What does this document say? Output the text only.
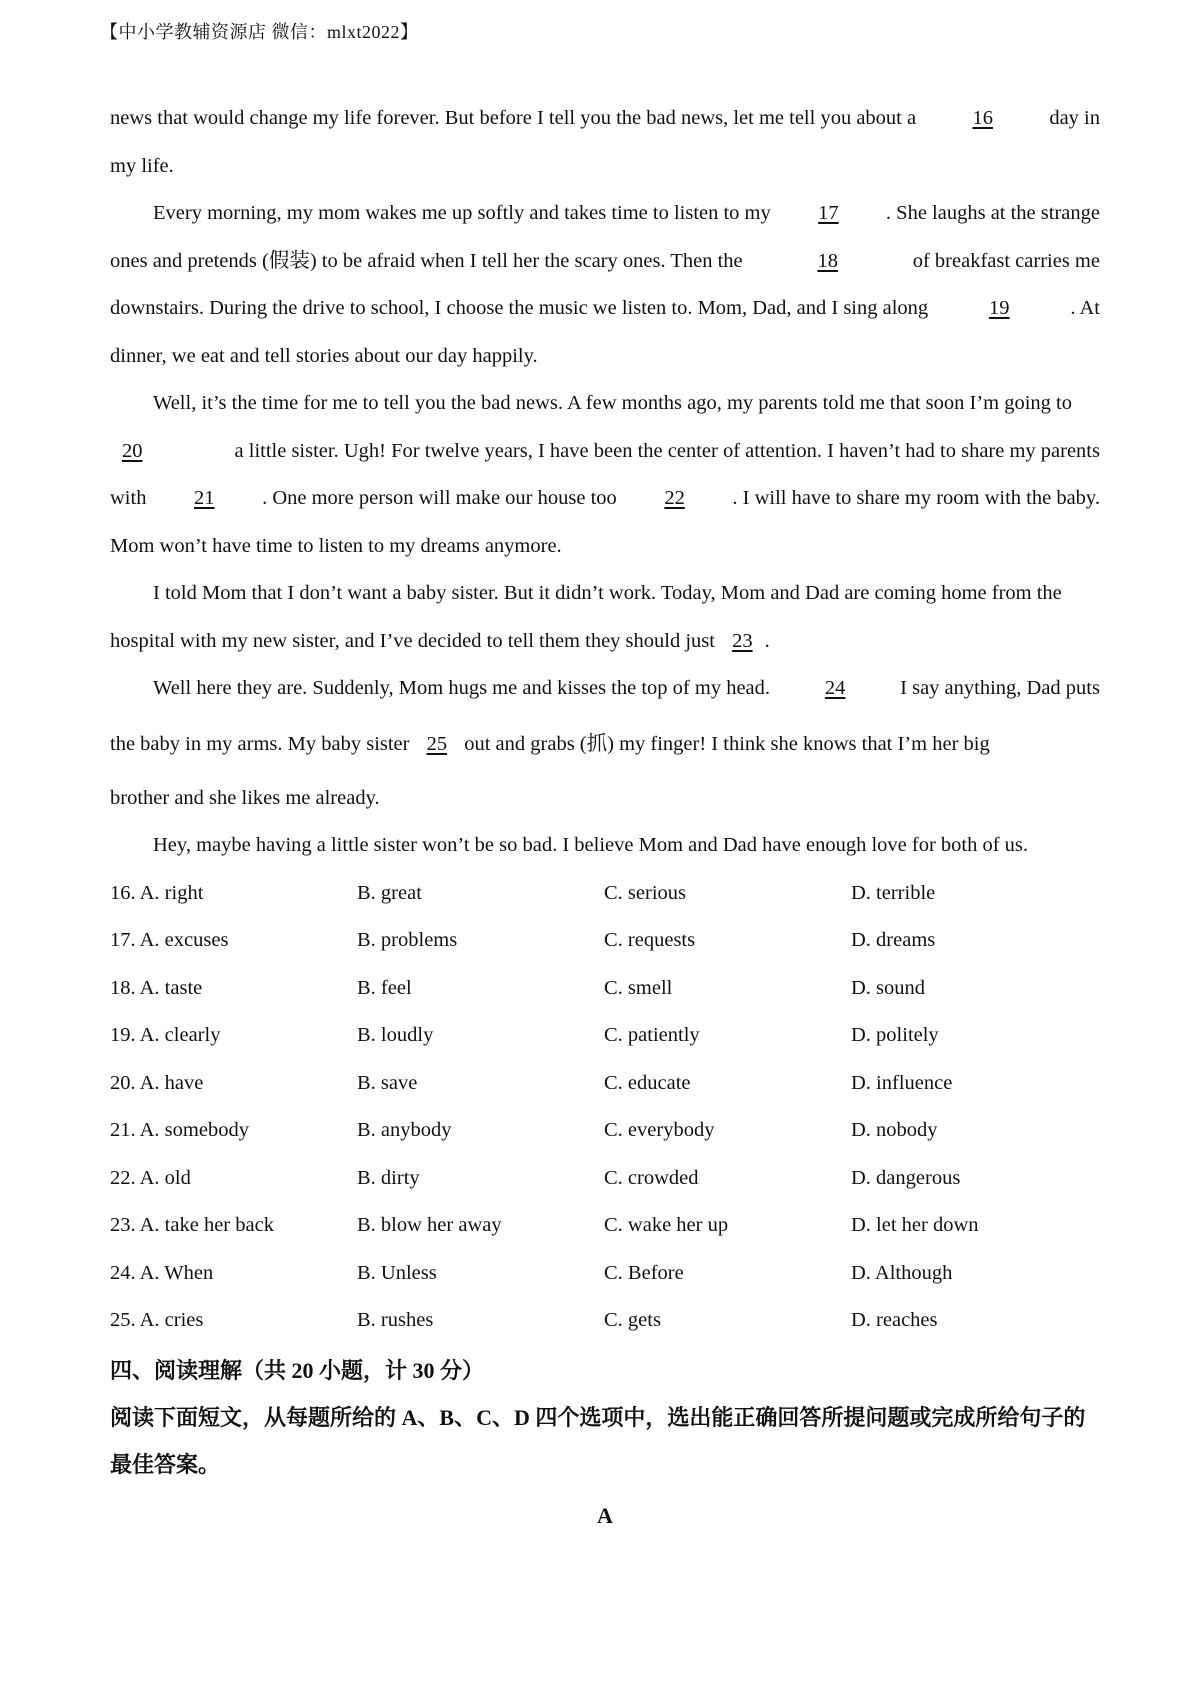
【中小学教辅资源店 微信：mlxt2022】
news that would change my life forever. But before I tell you the bad news, let me tell you about a	16	day in
my life.
Every morning, my mom wakes me up softly and takes time to listen to my	17	. She laughs at the strange
ones and pretends (假装) to be afraid when I tell her the scary ones. Then the	18	of breakfast carries me
downstairs. During the drive to school, I choose the music we listen to. Mom, Dad, and I sing along	19	. At
dinner, we eat and tell stories about our day happily.
Well, it’s the time for me to tell you the bad news. A few months ago, my parents told me that soon I’m going to
20	a little sister. Ugh! For twelve years, I have been the center of attention. I haven’t had to share my parents
with	21	. One more person will make our house too	22	. I will have to share my room with the baby.
Mom won’t have time to listen to my dreams anymore.
I told Mom that I don’t want a baby sister. But it didn’t work. Today, Mom and Dad are coming home from the
hospital with my new sister, and I’ve decided to tell them they should just 23 .
Well here they are. Suddenly, Mom hugs me and kisses the top of my head.	24	I say anything, Dad puts
the baby in my arms. My baby sister 25 out and grabs (抓) my finger! I think she knows that I’m her big
brother and she likes me already.
Hey, maybe having a little sister won’t be so bad. I believe Mom and Dad have enough love for both of us.
16. A. right	B. great	C. serious	D. terrible
17. A. excuses	B. problems	C. requests	D. dreams
18. A. taste	B. feel	C. smell	D. sound
19. A. clearly	B. loudly	C. patiently	D. politely
20. A. have	B. save	C. educate	D. influence
21. A. somebody	B. anybody	C. everybody	D. nobody
22. A. old	B. dirty	C. crowded	D. dangerous
23. A. take her back	B. blow her away	C. wake her up	D. let her down
24. A. When	B. Unless	C. Before	D. Although
25. A. cries	B. rushes	C. gets	D. reaches
四、阅读理解（共 20 小题，计 30 分）
阅读下面短文，从每题所给的 A、B、C、D 四个选项中，选出能正确回答所提问题或完成所给句子的最佳答案。
A
